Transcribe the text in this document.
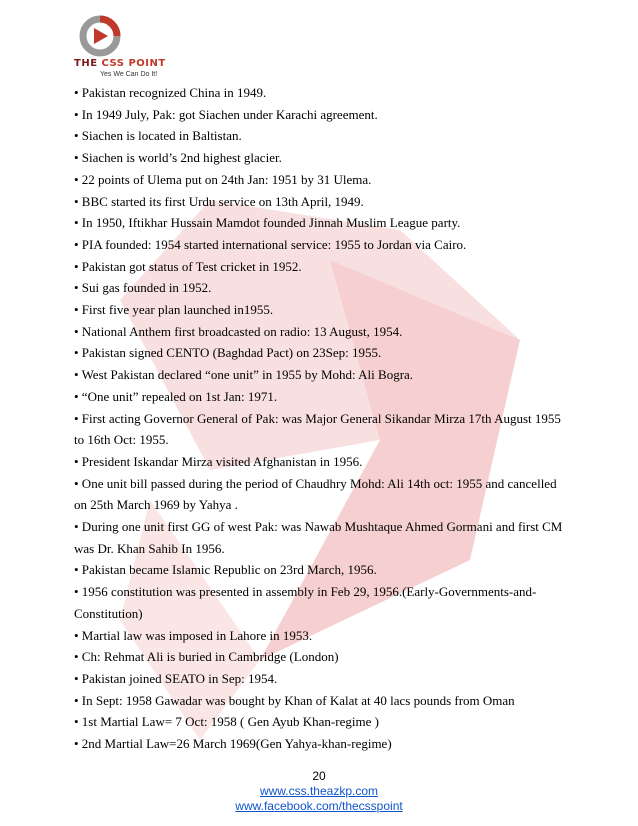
THE CSS POINT
Yes We Can Do It!

• Pakistan recognized China in 1949.

• In 1949 July, Pak: got Siachen under Karachi agreement.

• Siachen is located in Baltistan.

• Siachen is world’s 2nd highest glacier.

• 22 points of Ulema put on 24th Jan: 1951 by 31 Ulema.

• BBC started its first Urdu service on 13th April, 1949.

• In 1950, Iftikhar Hussain Mamdot founded Jinnah Muslim League party.

• PIA founded: 1954 started international service: 1955 to Jordan via Cairo.

• Pakistan got status of Test cricket in 1952.

• Sui gas founded in 1952.

• First five year plan launched in1955.

• National Anthem first broadcasted on radio: 13 August, 1954.

• Pakistan signed CENTO (Baghdad Pact) on 23Sep: 1955.

• West Pakistan declared “one unit” in 1955 by Mohd: Ali Bogra.

• “One unit” repealed on 1st Jan: 1971.

• First acting Governor General of Pak: was Major General Sikandar Mirza 17th August 1955 to 16th Oct: 1955.

• President Iskandar Mirza visited Afghanistan in 1956.

• One unit bill passed during the period of Chaudhry Mohd: Ali 14th oct: 1955 and cancelled on 25th March 1969 by Yahya .

• During one unit first GG of west Pak: was Nawab Mushtaque Ahmed Gormani and first CM was Dr. Khan Sahib In 1956.

• Pakistan became Islamic Republic on 23rd March, 1956.

• 1956 constitution was presented in assembly in Feb 29, 1956.(Early-Governments-and-Constitution)

• Martial law was imposed in Lahore in 1953.

• Ch: Rehmat Ali is buried in Cambridge (London)

• Pakistan joined SEATO in Sep: 1954.

• In Sept: 1958 Gawadar was bought by Khan of Kalat at 40 lacs pounds from Oman

• 1st Martial Law= 7 Oct: 1958 ( Gen Ayub Khan-regime )

• 2nd Martial Law=26 March 1969(Gen Yahya-khan-regime)

20
www.css.theazkp.com
www.facebook.com/thecsspoint
